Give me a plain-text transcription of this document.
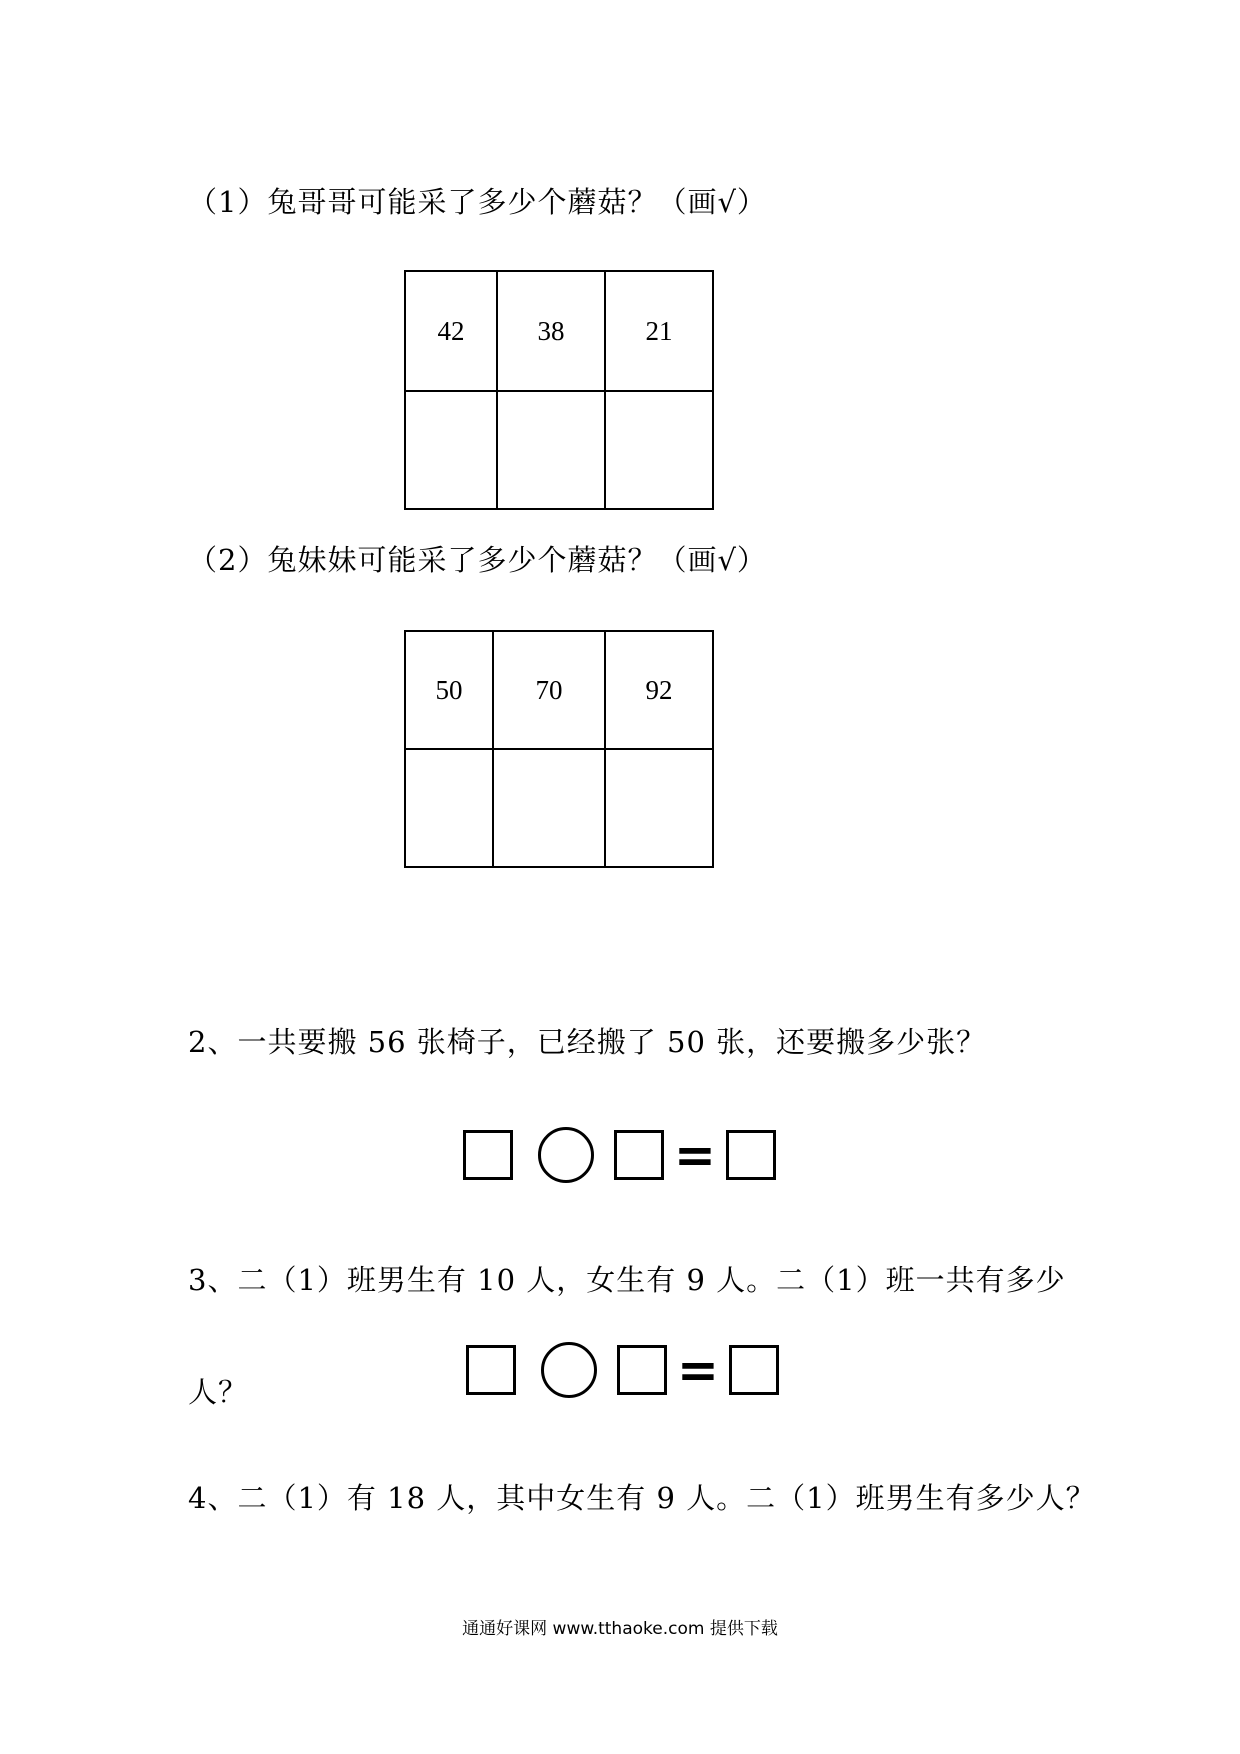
（1）兔哥哥可能采了多少个蘑菇？（画√）
42	38	21

（2）兔妹妹可能采了多少个蘑菇？（画√）
50	70	92

2、一共要搬 56 张椅子，已经搬了 50 张，还要搬多少张？
=
3、二（1）班男生有 10 人，女生有 9 人。二（1）班一共有多少
人？	=
4、二（1）有 18 人，其中女生有 9 人。二（1）班男生有多少人？
通通好课网 www.tthaoke.com 提供下载
